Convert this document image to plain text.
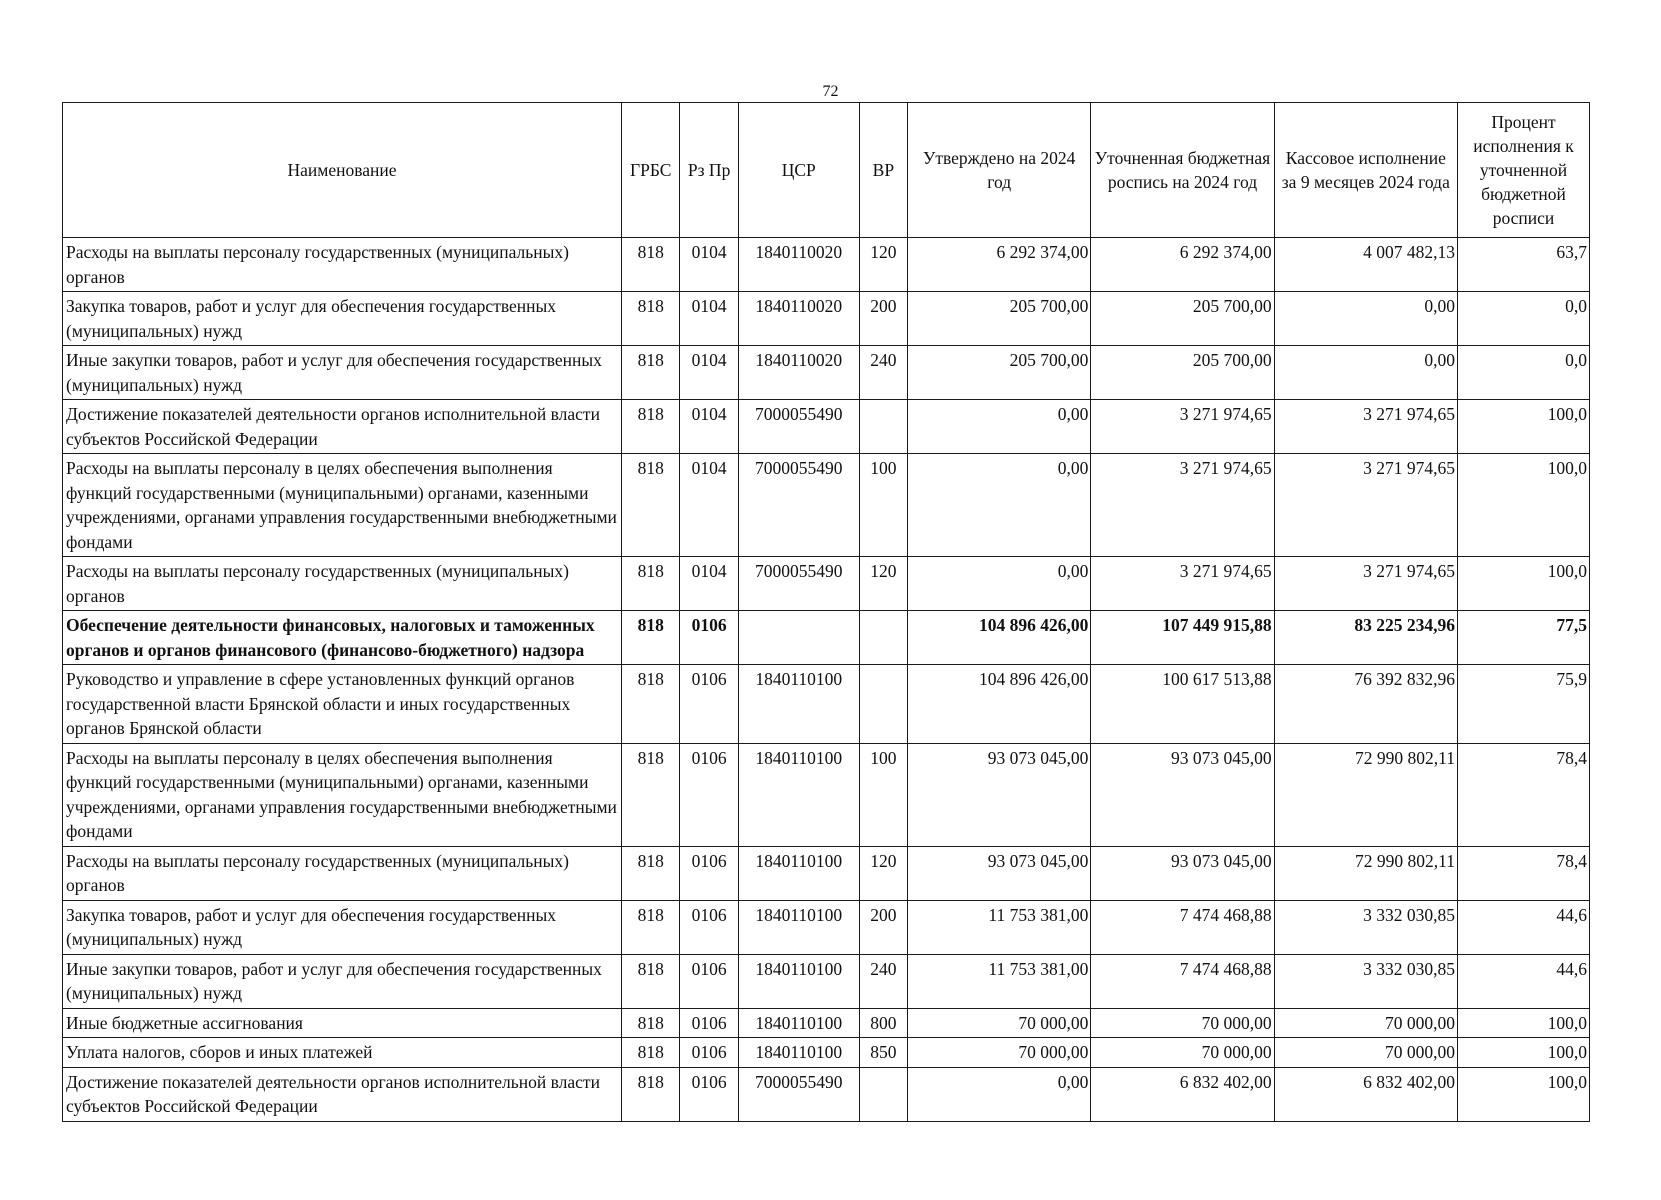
72
Наименование	ГРБС	Рз Пр	ЦСР	ВР	Утверждено на 2024 год	Уточненная бюджетная роспись на 2024 год	Кассовое исполнение за 9 месяцев 2024 года	Процент исполнения к уточненной бюджетной росписи
Расходы на выплаты персоналу государственных (муниципальных) органов	818	0104	1840110020	120	6 292 374,00	6 292 374,00	4 007 482,13	63,7
Закупка товаров, работ и услуг для обеспечения государственных (муниципальных) нужд	818	0104	1840110020	200	205 700,00	205 700,00	0,00	0,0
Иные закупки товаров, работ и услуг для обеспечения государственных (муниципальных) нужд	818	0104	1840110020	240	205 700,00	205 700,00	0,00	0,0
Достижение показателей деятельности органов исполнительной власти субъектов Российской Федерации	818	0104	7000055490		0,00	3 271 974,65	3 271 974,65	100,0
Расходы на выплаты персоналу в целях обеспечения выполнения функций государственными (муниципальными) органами, казенными учреждениями, органами управления государственными внебюджетными фондами	818	0104	7000055490	100	0,00	3 271 974,65	3 271 974,65	100,0
Расходы на выплаты персоналу государственных (муниципальных) органов	818	0104	7000055490	120	0,00	3 271 974,65	3 271 974,65	100,0
Обеспечение деятельности финансовых, налоговых и таможенных органов и органов финансового (финансово-бюджетного) надзора	818	0106			104 896 426,00	107 449 915,88	83 225 234,96	77,5
Руководство и управление в сфере установленных функций органов государственной власти Брянской области и иных государственных органов Брянской области	818	0106	1840110100		104 896 426,00	100 617 513,88	76 392 832,96	75,9
Расходы на выплаты персоналу в целях обеспечения выполнения функций государственными (муниципальными) органами, казенными учреждениями, органами управления государственными внебюджетными фондами	818	0106	1840110100	100	93 073 045,00	93 073 045,00	72 990 802,11	78,4
Расходы на выплаты персоналу государственных (муниципальных) органов	818	0106	1840110100	120	93 073 045,00	93 073 045,00	72 990 802,11	78,4
Закупка товаров, работ и услуг для обеспечения государственных (муниципальных) нужд	818	0106	1840110100	200	11 753 381,00	7 474 468,88	3 332 030,85	44,6
Иные закупки товаров, работ и услуг для обеспечения государственных (муниципальных) нужд	818	0106	1840110100	240	11 753 381,00	7 474 468,88	3 332 030,85	44,6
Иные бюджетные ассигнования	818	0106	1840110100	800	70 000,00	70 000,00	70 000,00	100,0
Уплата налогов, сборов и иных платежей	818	0106	1840110100	850	70 000,00	70 000,00	70 000,00	100,0
Достижение показателей деятельности органов исполнительной власти субъектов Российской Федерации	818	0106	7000055490		0,00	6 832 402,00	6 832 402,00	100,0
